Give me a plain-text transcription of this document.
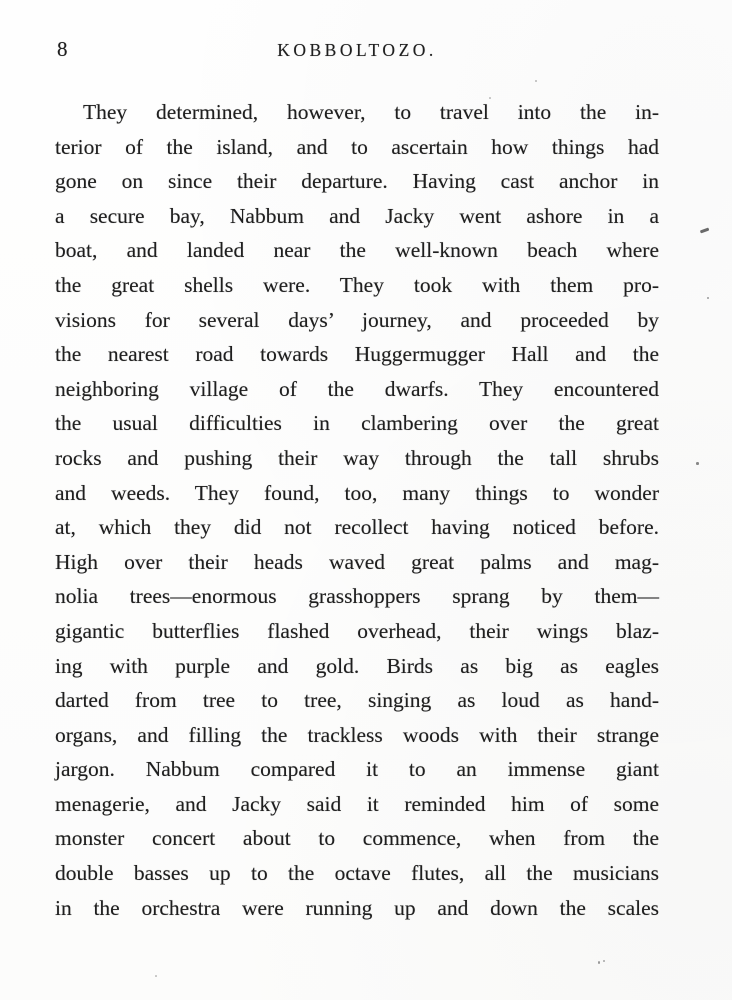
8	KOBBOLTOZO.
They determined, however, to travel into the in-
terior of the island, and to ascertain how things had
gone on since their departure. Having cast anchor in
a secure bay, Nabbum and Jacky went ashore in a
boat, and landed near the well-known beach where
the great shells were. They took with them pro-
visions for several days’ journey, and proceeded by
the nearest road towards Huggermugger Hall and the
neighboring village of the dwarfs. They encountered
the usual difficulties in clambering over the great
rocks and pushing their way through the tall shrubs
and weeds. They found, too, many things to wonder
at, which they did not recollect having noticed before.
High over their heads waved great palms and mag-
nolia trees—enormous grasshoppers sprang by them—
gigantic butterflies flashed overhead, their wings blaz-
ing with purple and gold. Birds as big as eagles
darted from tree to tree, singing as loud as hand-
organs, and filling the trackless woods with their strange
jargon. Nabbum compared it to an immense giant
menagerie, and Jacky said it reminded him of some
monster concert about to commence, when from the
double basses up to the octave flutes, all the musicians
in the orchestra were running up and down the scales
